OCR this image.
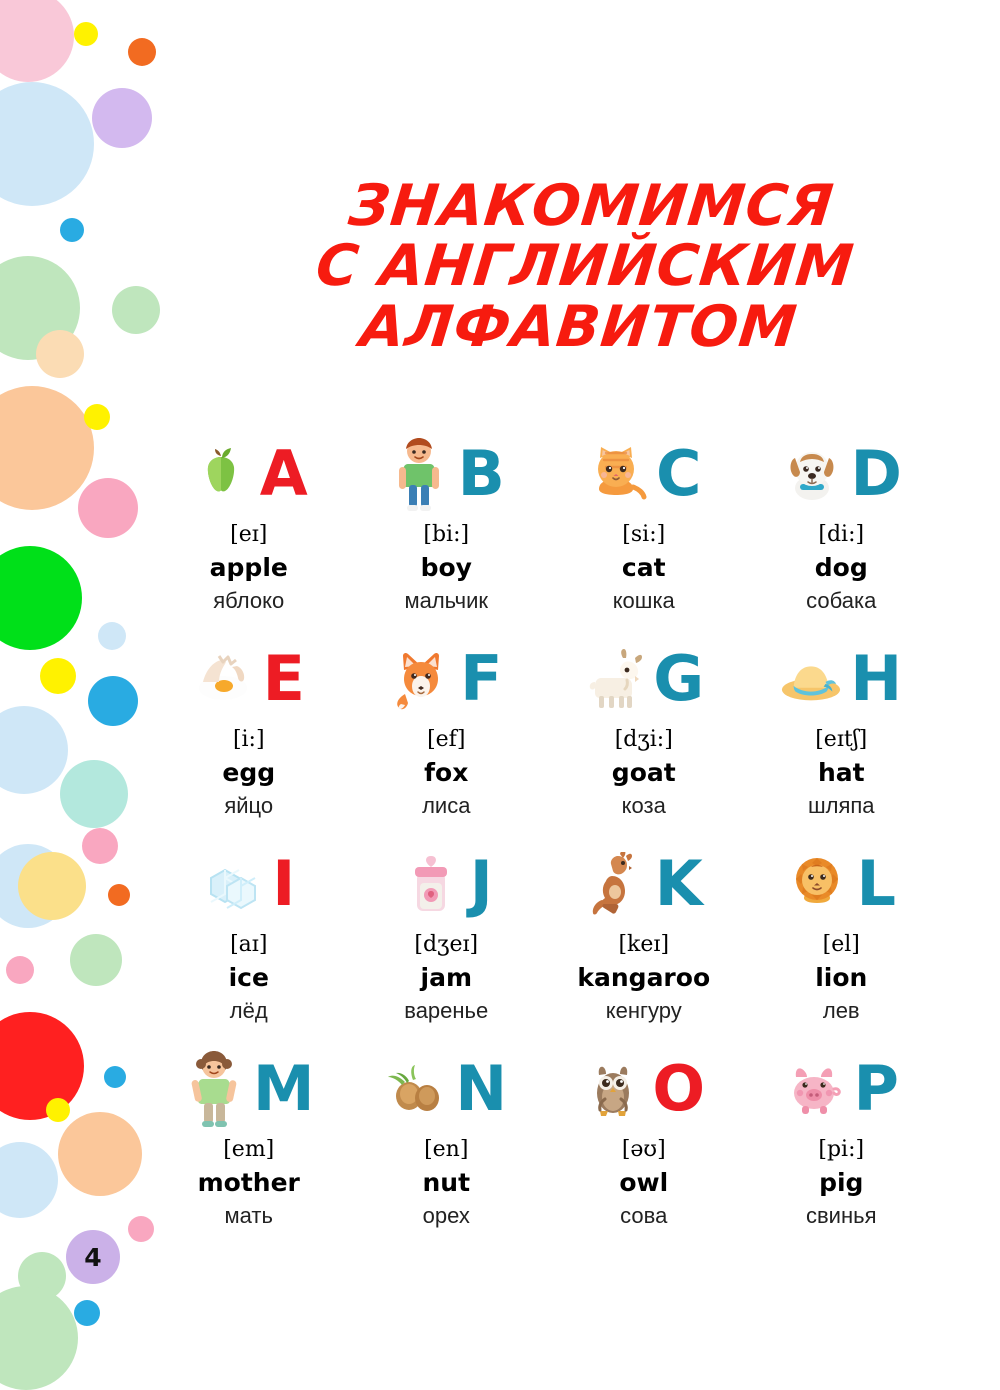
ЗНАКОМИМСЯ
С АНГЛИЙСКИМ
АЛФАВИТОМ
A
[eɪ]
apple
яблоко
B
[bi:]
boy
мальчик
C
[si:]
cat
кошка
D
[di:]
dog
собака
E
[i:]
egg
яйцо
F
[ef]
fox
лиса
G
[dʒi:]
goat
коза
H
[eɪtʃ]
hat
шляпа
I
[aɪ]
ice
лёд
J
[dʒeɪ]
jam
варенье
K
[keɪ]
kangaroo
кенгуру
L
[el]
lion
лев
M
[em]
mother
мать
N
[en]
nut
орех
O
[əʊ]
owl
сова
P
[pi:]
pig
свинья
4
